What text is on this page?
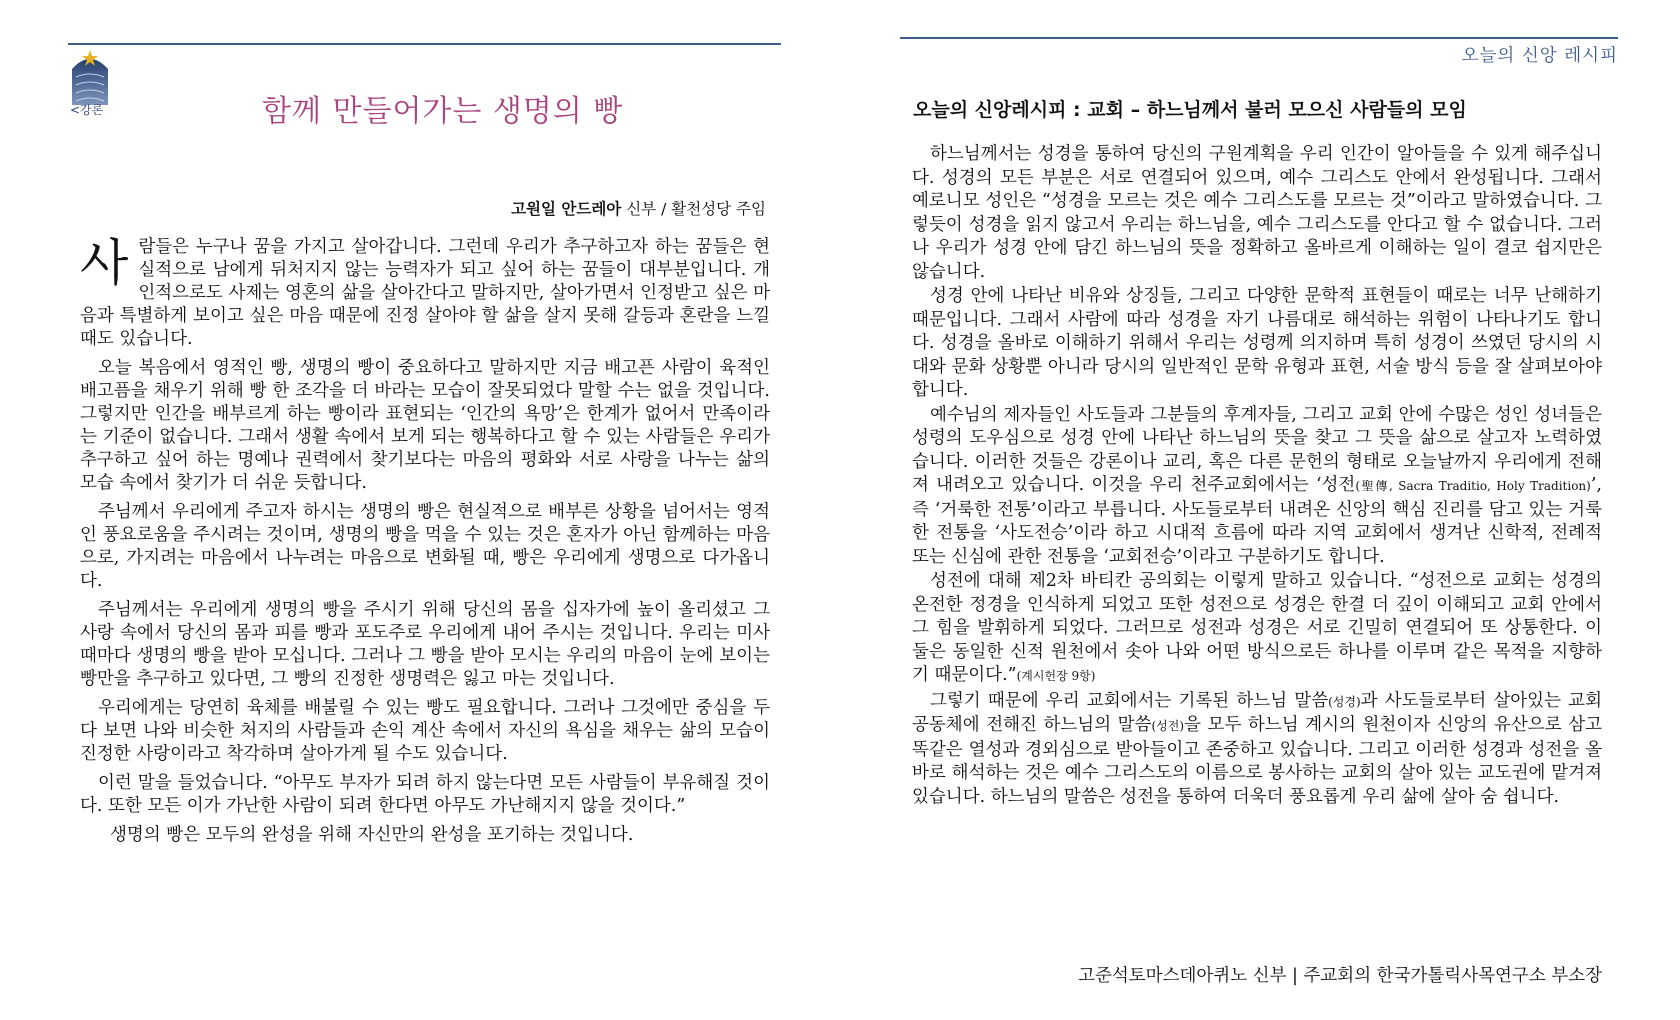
<강론	함께 만들어가는 생명의 빵
고원일 안드레아 신부 / 활천성당 주임

사람들은 누구나 꿈을 가지고 살아갑니다. 그런데 우리가 추구하고자 하는 꿈들은 현실적으로 남에게 뒤처지지 않는 능력자가 되고 싶어 하는 꿈들이 대부분입니다. 개인적으로도 사제는 영혼의 삶을 살아간다고 말하지만, 살아가면서 인정받고 싶은 마음과 특별하게 보이고 싶은 마음 때문에 진정 살아야 할 삶을 살지 못해 갈등과 혼란을 느낄 때도 있습니다.

오늘 복음에서 영적인 빵, 생명의 빵이 중요하다고 말하지만 지금 배고픈 사람이 육적인 배고픔을 채우기 위해 빵 한 조각을 더 바라는 모습이 잘못되었다 말할 수는 없을 것입니다. 그렇지만 인간을 배부르게 하는 빵이라 표현되는 ‘인간의 욕망’은 한계가 없어서 만족이라는 기준이 없습니다. 그래서 생활 속에서 보게 되는 행복하다고 할 수 있는 사람들은 우리가 추구하고 싶어 하는 명예나 권력에서 찾기보다는 마음의 평화와 서로 사랑을 나누는 삶의 모습 속에서 찾기가 더 쉬운 듯합니다.

주님께서 우리에게 주고자 하시는 생명의 빵은 현실적으로 배부른 상황을 넘어서는 영적인 풍요로움을 주시려는 것이며, 생명의 빵을 먹을 수 있는 것은 혼자가 아닌 함께하는 마음으로, 가지려는 마음에서 나누려는 마음으로 변화될 때, 빵은 우리에게 생명으로 다가옵니다.

주님께서는 우리에게 생명의 빵을 주시기 위해 당신의 몸을 십자가에 높이 올리셨고 그 사랑 속에서 당신의 몸과 피를 빵과 포도주로 우리에게 내어 주시는 것입니다. 우리는 미사 때마다 생명의 빵을 받아 모십니다. 그러나 그 빵을 받아 모시는 우리의 마음이 눈에 보이는 빵만을 추구하고 있다면, 그 빵의 진정한 생명력은 잃고 마는 것입니다.

우리에게는 당연히 육체를 배불릴 수 있는 빵도 필요합니다. 그러나 그것에만 중심을 두다 보면 나와 비슷한 처지의 사람들과 손익 계산 속에서 자신의 욕심을 채우는 삶의 모습이 진정한 사랑이라고 착각하며 살아가게 될 수도 있습니다.

이런 말을 들었습니다. “아무도 부자가 되려 하지 않는다면 모든 사람들이 부유해질 것이다. 또한 모든 이가 가난한 사람이 되려 한다면 아무도 가난해지지 않을 것이다.”

생명의 빵은 모두의 완성을 위해 자신만의 완성을 포기하는 것입니다.

오늘의 신앙 레시피
오늘의 신앙레시피 : 교회 – 하느님께서 불러 모으신 사람들의 모임

하느님께서는 성경을 통하여 당신의 구원계획을 우리 인간이 알아들을 수 있게 해주십니다. 성경의 모든 부분은 서로 연결되어 있으며, 예수 그리스도 안에서 완성됩니다. 그래서 예로니모 성인은 “성경을 모르는 것은 예수 그리스도를 모르는 것”이라고 말하였습니다. 그렇듯이 성경을 읽지 않고서 우리는 하느님을, 예수 그리스도를 안다고 할 수 없습니다. 그러나 우리가 성경 안에 담긴 하느님의 뜻을 정확하고 올바르게 이해하는 일이 결코 쉽지만은 않습니다.

성경 안에 나타난 비유와 상징들, 그리고 다양한 문학적 표현들이 때로는 너무 난해하기 때문입니다. 그래서 사람에 따라 성경을 자기 나름대로 해석하는 위험이 나타나기도 합니다. 성경을 올바로 이해하기 위해서 우리는 성령께 의지하며 특히 성경이 쓰였던 당시의 시대와 문화 상황뿐 아니라 당시의 일반적인 문학 유형과 표현, 서술 방식 등을 잘 살펴보아야 합니다.

예수님의 제자들인 사도들과 그분들의 후계자들, 그리고 교회 안에 수많은 성인 성녀들은 성령의 도우심으로 성경 안에 나타난 하느님의 뜻을 찾고 그 뜻을 삶으로 살고자 노력하였습니다. 이러한 것들은 강론이나 교리, 혹은 다른 문헌의 형태로 오늘날까지 우리에게 전해져 내려오고 있습니다. 이것을 우리 천주교회에서는 ‘성전(聖傳, Sacra Traditio, Holy Tradition)’, 즉 ‘거룩한 전통’이라고 부릅니다. 사도들로부터 내려온 신앙의 핵심 진리를 담고 있는 거룩한 전통을 ‘사도전승’이라 하고 시대적 흐름에 따라 지역 교회에서 생겨난 신학적, 전례적 또는 신심에 관한 전통을 ‘교회전승’이라고 구분하기도 합니다.

성전에 대해 제2차 바티칸 공의회는 이렇게 말하고 있습니다. “성전으로 교회는 성경의 온전한 정경을 인식하게 되었고 또한 성전으로 성경은 한결 더 깊이 이해되고 교회 안에서 그 힘을 발휘하게 되었다. 그러므로 성전과 성경은 서로 긴밀히 연결되어 또 상통한다. 이 둘은 동일한 신적 원천에서 솟아 나와 어떤 방식으로든 하나를 이루며 같은 목적을 지향하기 때문이다.”(계시헌장 9항)

그렇기 때문에 우리 교회에서는 기록된 하느님 말씀(성경)과 사도들로부터 살아있는 교회 공동체에 전해진 하느님의 말씀(성전)을 모두 하느님 계시의 원천이자 신앙의 유산으로 삼고 똑같은 열성과 경외심으로 받아들이고 존중하고 있습니다. 그리고 이러한 성경과 성전을 올바로 해석하는 것은 예수 그리스도의 이름으로 봉사하는 교회의 살아 있는 교도권에 맡겨져 있습니다. 하느님의 말씀은 성전을 통하여 더욱더 풍요롭게 우리 삶에 살아 숨 쉽니다.

고준석토마스데아퀴노 신부 | 주교회의 한국가톨릭사목연구소 부소장
